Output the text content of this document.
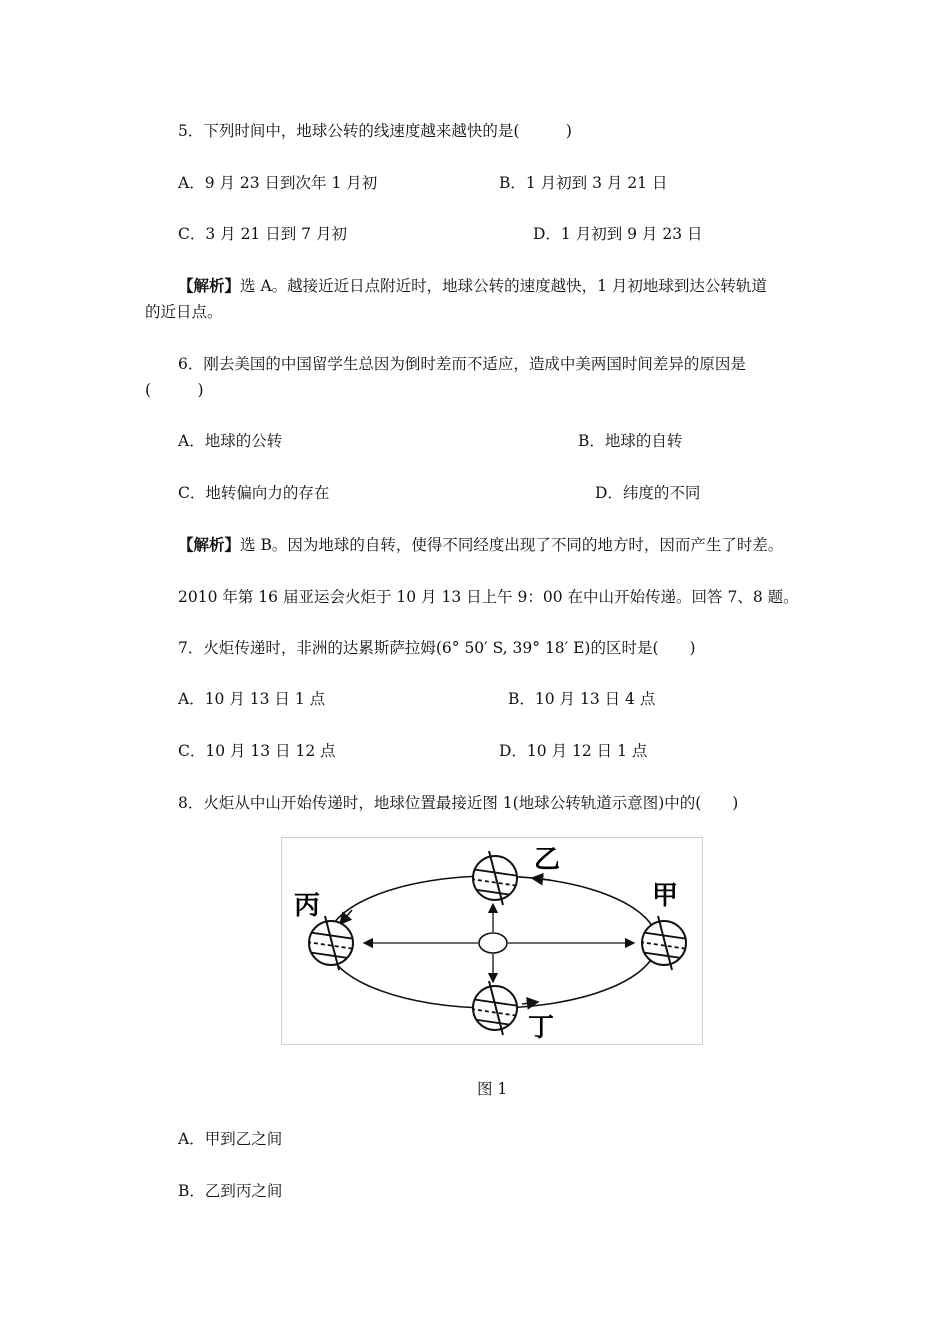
5．下列时间中，地球公转的线速度越来越快的是(　　　)
A．9 月 23 日到次年 1 月初	B．1 月初到 3 月 21 日
C．3 月 21 日到 7 月初	D．1 月初到 9 月 23 日
【解析】选 A。越接近近日点附近时，地球公转的速度越快，1 月初地球到达公转轨道
的近日点。
6．刚去美国的中国留学生总因为倒时差而不适应，造成中美两国时间差异的原因是
(　　　)
A．地球的公转	B．地球的自转
C．地转偏向力的存在	D．纬度的不同
【解析】选 B。因为地球的自转，使得不同经度出现了不同的地方时，因而产生了时差。
2010 年第 16 届亚运会火炬于 10 月 13 日上午 9：00 在中山开始传递。回答 7、8 题。
7．火炬传递时，非洲的达累斯萨拉姆(6° 50′ S, 39° 18′ E)的区时是(　　)
A．10 月 13 日 1 点	B．10 月 13 日 4 点
C．10 月 13 日 12 点	D．10 月 12 日 1 点
8．火炬从中山开始传递时，地球位置最接近图 1(地球公转轨道示意图)中的(　　)
乙
丙	甲
丁
图 1
A．甲到乙之间
B．乙到丙之间
